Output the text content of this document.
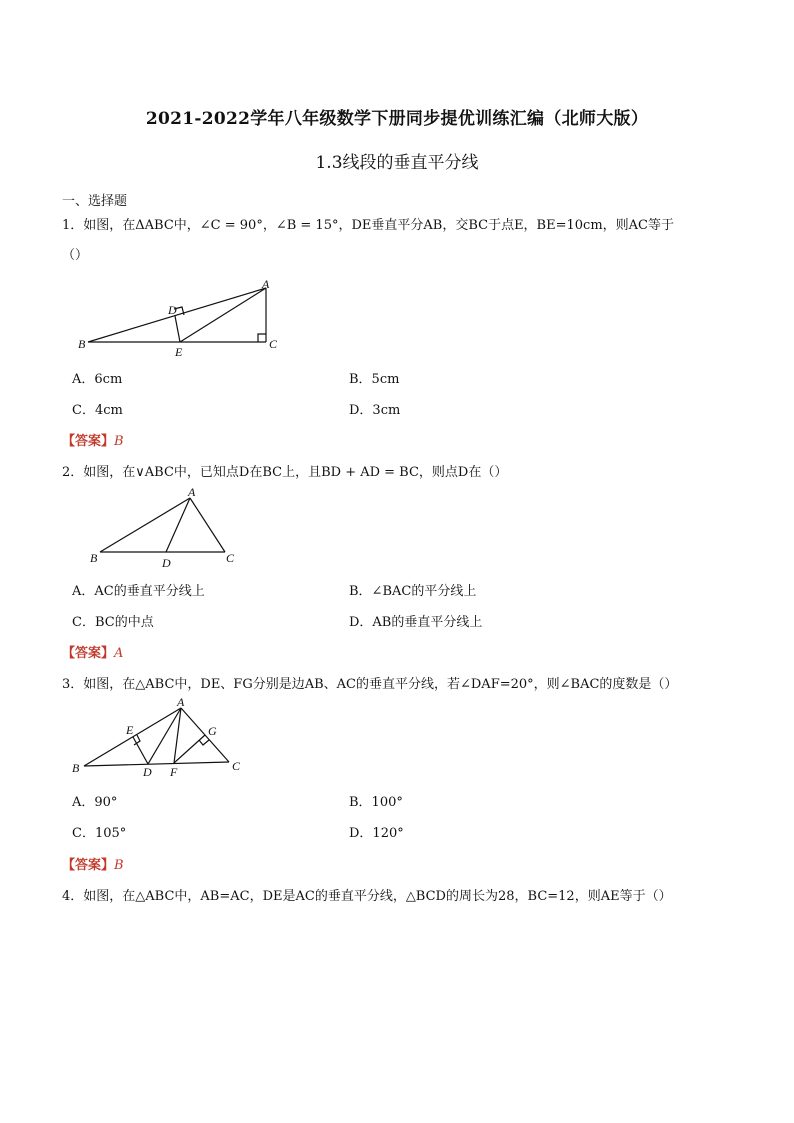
2021-2022学年八年级数学下册同步提优训练汇编（北师大版）
1.3线段的垂直平分线
一、选择题
1．如图，在ΔABC中，∠C = 90°，∠B = 15°，DE垂直平分AB，交BC于点E，BE=10cm，则AC等于
（）
A
B	C
D
E
A．6cm	B．5cm
C．4cm	D．3cm
【答案】B
2．如图，在∨ABC中，已知点D在BC上，且BD + AD = BC，则点D在（）
A
B	C
D
A．AC的垂直平分线上	B．∠BAC的平分线上
C．BC的中点	D．AB的垂直平分线上
【答案】A
3．如图，在△ABC中，DE、FG分别是边AB、AC的垂直平分线，若∠DAF=20°，则∠BAC的度数是（）
A
B	C
D
E
F
G
A．90°	B．100°
C．105°	D．120°
【答案】B
4．如图，在△ABC中，AB=AC，DE是AC的垂直平分线，△BCD的周长为28，BC=12，则AE等于（）
